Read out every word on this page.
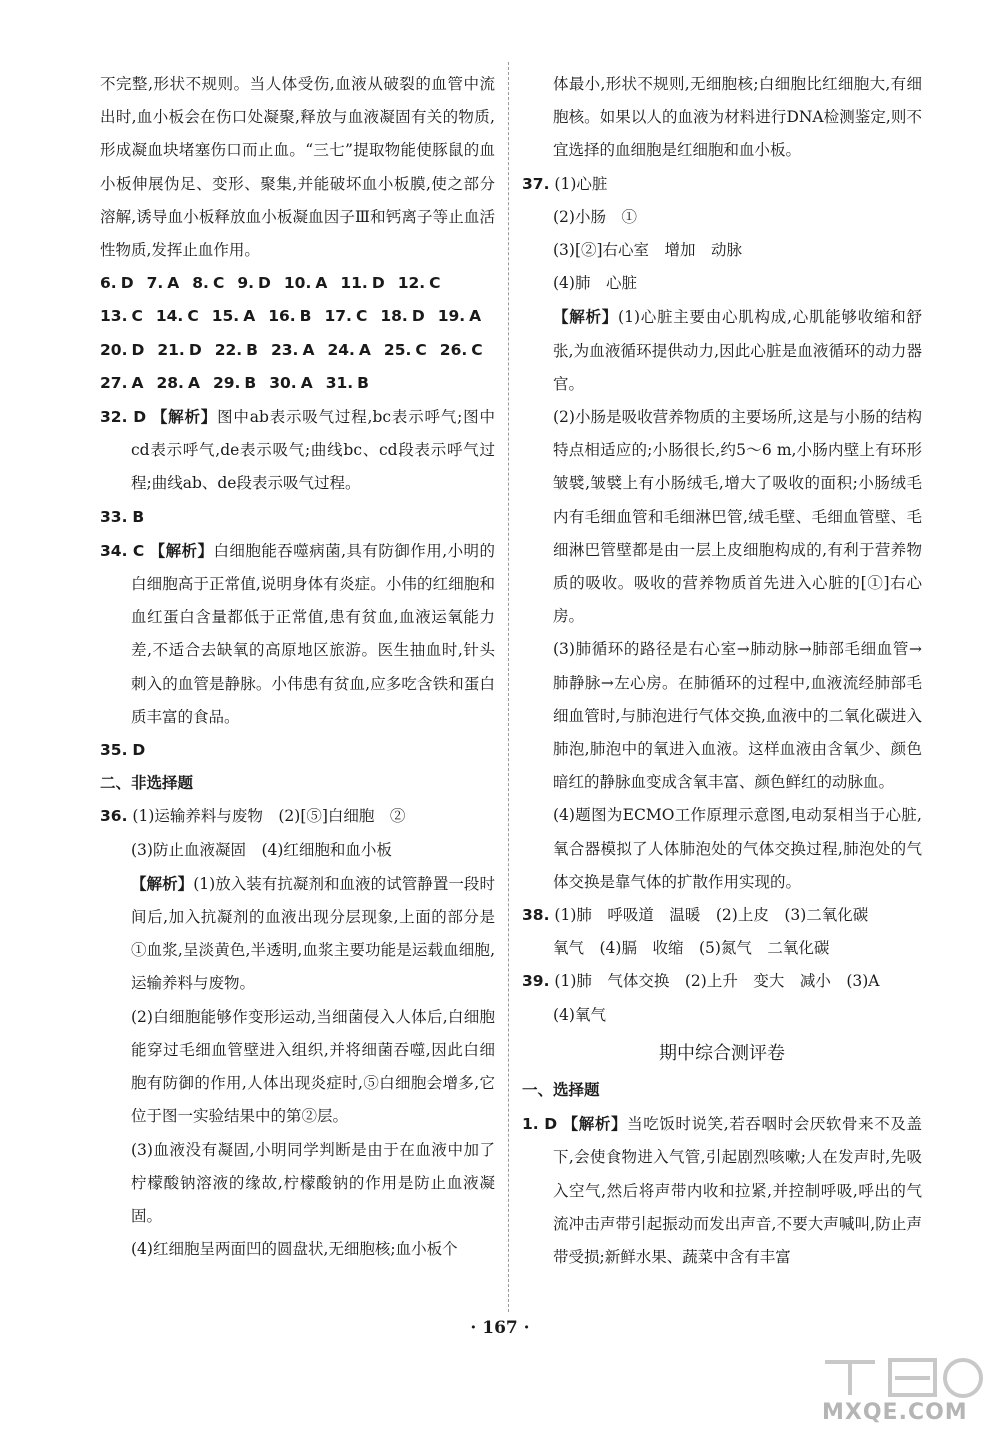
不完整,形状不规则。当人体受伤,血液从破裂的血管中流出时,血小板会在伤口处凝聚,释放与血液凝固有关的物质,形成凝血块堵塞伤口而止血。“三七”提取物能使豚鼠的血小板伸展伪足、变形、聚集,并能破坏血小板膜,使之部分溶解,诱导血小板释放血小板凝血因子Ⅲ和钙离子等止血活性物质,发挥止血作用。

6. D 7. A 8. C 9. D 10. A 11. D 12. C

13. C 14. C 15. A 16. B 17. C 18. D 19. A

20. D 21. D 22. B 23. A 24. A 25. C 26. C

27. A 28. A 29. B 30. A 31. B

32. D 【解析】图中ab表示吸气过程,bc表示呼气;图中cd表示呼气,de表示吸气;曲线bc、cd段表示呼气过程;曲线ab、de段表示吸气过程。

33. B

34. C 【解析】白细胞能吞噬病菌,具有防御作用,小明的白细胞高于正常值,说明身体有炎症。小伟的红细胞和血红蛋白含量都低于正常值,患有贫血,血液运氧能力差,不适合去缺氧的高原地区旅游。医生抽血时,针头刺入的血管是静脉。小伟患有贫血,应多吃含铁和蛋白质丰富的食品。

35. D

二、非选择题

36. (1)运输养料与废物　(2)[⑤]白细胞　②

(3)防止血液凝固　(4)红细胞和血小板

【解析】(1)放入装有抗凝剂和血液的试管静置一段时间后,加入抗凝剂的血液出现分层现象,上面的部分是①血浆,呈淡黄色,半透明,血浆主要功能是运载血细胞,运输养料与废物。

(2)白细胞能够作变形运动,当细菌侵入人体后,白细胞能穿过毛细血管壁进入组织,并将细菌吞噬,因此白细胞有防御的作用,人体出现炎症时,⑤白细胞会增多,它位于图一实验结果中的第②层。

(3)血液没有凝固,小明同学判断是由于在血液中加了柠檬酸钠溶液的缘故,柠檬酸钠的作用是防止血液凝固。

(4)红细胞呈两面凹的圆盘状,无细胞核;血小板个

体最小,形状不规则,无细胞核;白细胞比红细胞大,有细胞核。如果以人的血液为材料进行DNA检测鉴定,则不宜选择的血细胞是红细胞和血小板。

37. (1)心脏

(2)小肠　①

(3)[②]右心室　增加　动脉

(4)肺　心脏

【解析】(1)心脏主要由心肌构成,心肌能够收缩和舒张,为血液循环提供动力,因此心脏是血液循环的动力器官。

(2)小肠是吸收营养物质的主要场所,这是与小肠的结构特点相适应的;小肠很长,约5～6 m,小肠内壁上有环形皱襞,皱襞上有小肠绒毛,增大了吸收的面积;小肠绒毛内有毛细血管和毛细淋巴管,绒毛壁、毛细血管壁、毛细淋巴管壁都是由一层上皮细胞构成的,有利于营养物质的吸收。吸收的营养物质首先进入心脏的[①]右心房。

(3)肺循环的路径是右心室→肺动脉→肺部毛细血管→肺静脉→左心房。在肺循环的过程中,血液流经肺部毛细血管时,与肺泡进行气体交换,血液中的二氧化碳进入肺泡,肺泡中的氧进入血液。这样血液由含氧少、颜色暗红的静脉血变成含氧丰富、颜色鲜红的动脉血。

(4)题图为ECMO工作原理示意图,电动泵相当于心脏,氧合器模拟了人体肺泡处的气体交换过程,肺泡处的气体交换是靠气体的扩散作用实现的。

38. (1)肺　呼吸道　温暖　(2)上皮　(3)二氧化碳

氧气　(4)膈　收缩　(5)氮气　二氧化碳

39. (1)肺　气体交换　(2)上升　变大　减小　(3)A

(4)氧气

期中综合测评卷

一、选择题

1. D 【解析】当吃饭时说笑,若吞咽时会厌软骨来不及盖下,会使食物进入气管,引起剧烈咳嗽;人在发声时,先吸入空气,然后将声带内收和拉紧,并控制呼吸,呼出的气流冲击声带引起振动而发出声音,不要大声喊叫,防止声带受损;新鲜水果、蔬菜中含有丰富

· 167 ·
MXQE.COM
